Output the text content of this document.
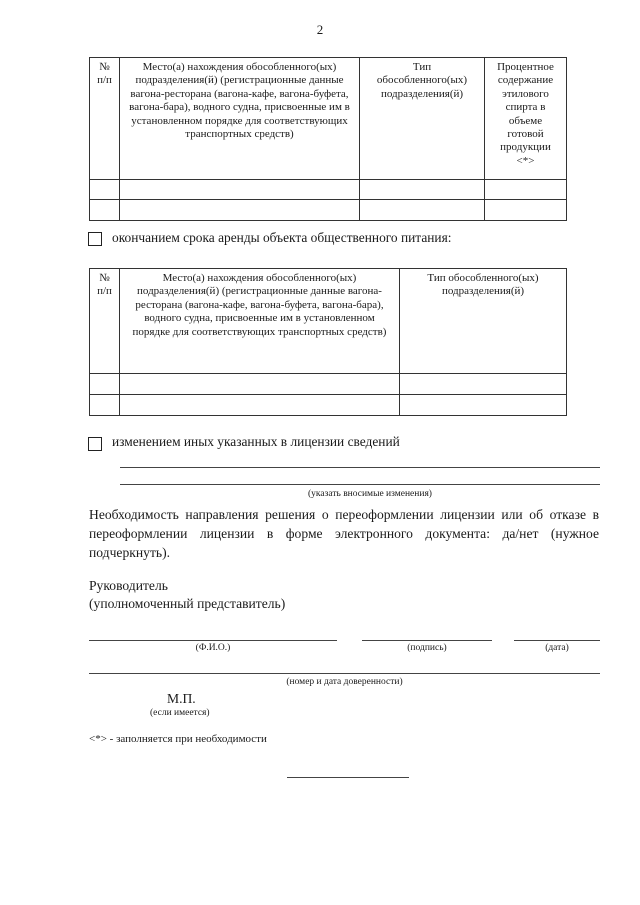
2
№ п/п	Место(а) нахождения обособленного(ых) подразделения(й) (регистрационные данные вагона-ресторана (вагона-кафе, вагона-буфета, вагона-бара), водного судна, присвоенные им в установленном порядке для соответствующих транспортных средств)	Тип обособленного(ых) подразделения(й)	Процентное содержание этилового спирта в объеме готовой продукции <*>

окончанием срока аренды объекта общественного питания:
№ п/п	Место(а) нахождения обособленного(ых) подразделения(й) (регистрационные данные вагона-ресторана (вагона-кафе, вагона-буфета, вагона-бара), водного судна, присвоенные им в установленном порядке для соответствующих транспортных средств)	Тип обособленного(ых) подразделения(й)

изменением иных указанных в лицензии сведений
(указать вносимые изменения)
Необходимость направления решения о переоформлении лицензии или об отказе в переоформлении лицензии в форме электронного документа: да/нет (нужное подчеркнуть).
Руководитель
(уполномоченный представитель)
(Ф.И.О.)	(подпись)	(дата)
(номер и дата доверенности)
М.П.
(если имеется)
<*> - заполняется при необходимости
